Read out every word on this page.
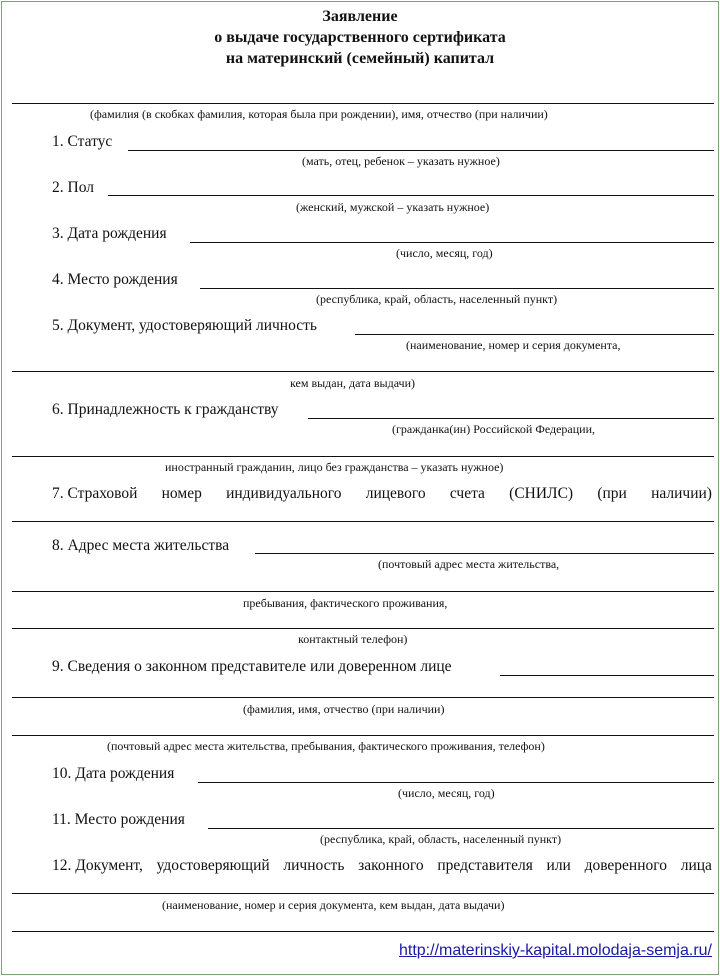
Заявление
о выдаче государственного сертификата
на материнский (семейный) капитал
(фамилия (в скобках фамилия, которая была при рождении), имя, отчество (при наличии)
1. Статус
(мать, отец, ребенок – указать нужное)
2. Пол
(женский, мужской – указать нужное)
3. Дата рождения
(число, месяц, год)
4. Место рождения
(республика, край, область, населенный пункт)
5. Документ, удостоверяющий личность
(наименование, номер и серия документа,
кем выдан, дата выдачи)
6. Принадлежность к гражданству
(гражданка(ин) Российской Федерации,
иностранный гражданин, лицо без гражданства – указать нужное)
7. Страховой номер индивидуального лицевого счета (СНИЛС) (при наличии)
8. Адрес места жительства
(почтовый адрес места жительства,
пребывания, фактического проживания,
контактный телефон)
9. Сведения о законном представителе или доверенном лице
(фамилия, имя, отчество (при наличии)
(почтовый адрес места жительства, пребывания, фактического проживания, телефон)
10. Дата рождения
(число, месяц, год)
11. Место рождения
(республика, край, область, населенный пункт)
12. Документ, удостоверяющий личность законного представителя или доверенного лица
(наименование, номер и серия документа, кем выдан, дата выдачи)
http://materinskiy-kapital.molodaja-semja.ru/
